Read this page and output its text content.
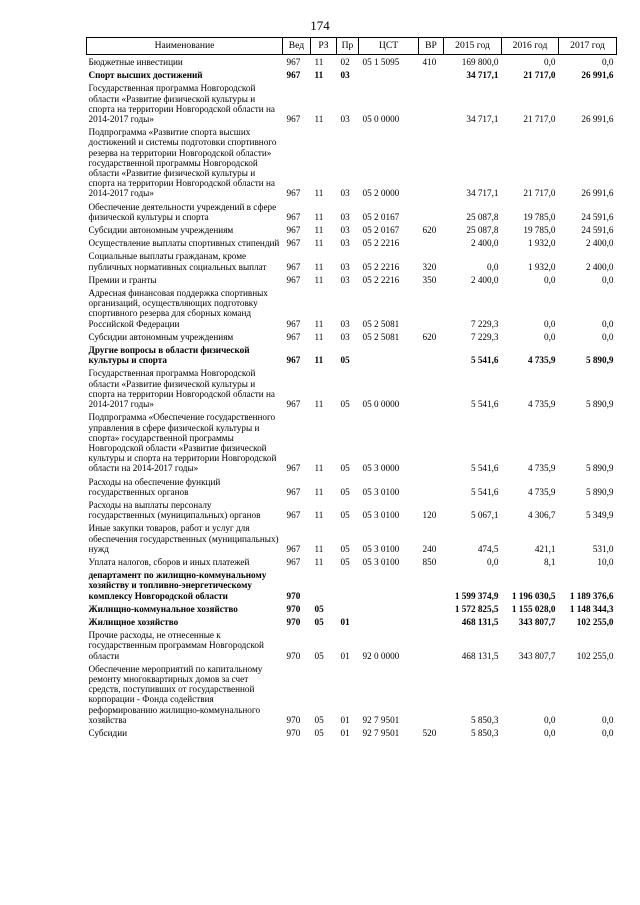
174
Наименование	Вед	РЗ	Пр	ЦСТ	ВР	2015 год	2016 год	2017 год
Бюджетные инвестиции	967	11	02	05 1 5095	410	169 800,0	0,0	0,0
Спорт высших достижений	967	11	03			34 717,1	21 717,0	26 991,6
Государственная программа Новгородской области «Развитие физической культуры и спорта на территории Новгородской области на 2014-2017 годы»	967	11	03	05 0 0000		34 717,1	21 717,0	26 991,6
Подпрограмма «Развитие спорта высших достижений и системы подготовки спортивного резерва на территории Новгородской области» государственной программы Новгородской области «Развитие физической культуры и спорта на территории Новгородской области на 2014-2017 годы»	967	11	03	05 2 0000		34 717,1	21 717,0	26 991,6
Обеспечение деятельности учреждений в сфере физической культуры и спорта	967	11	03	05 2 0167		25 087,8	19 785,0	24 591,6
Субсидии автономным учреждениям	967	11	03	05 2 0167	620	25 087,8	19 785,0	24 591,6
Осуществление выплаты спортивных стипендий	967	11	03	05 2 2216		2 400,0	1 932,0	2 400,0
Социальные выплаты гражданам, кроме публичных нормативных социальных выплат	967	11	03	05 2 2216	320	0,0	1 932,0	2 400,0
Премии и гранты	967	11	03	05 2 2216	350	2 400,0	0,0	0,0
Адресная финансовая поддержка спортивных организаций, осуществляющих подготовку спортивного резерва для сборных команд Российской Федерации	967	11	03	05 2 5081		7 229,3	0,0	0,0
Субсидии автономным учреждениям	967	11	03	05 2 5081	620	7 229,3	0,0	0,0
Другие вопросы в области физической культуры и спорта	967	11	05			5 541,6	4 735,9	5 890,9
Государственная программа Новгородской области «Развитие физической культуры и спорта на территории Новгородской области на 2014-2017 годы»	967	11	05	05 0 0000		5 541,6	4 735,9	5 890,9
Подпрограмма «Обеспечение государственного управления в сфере физической культуры и спорта» государственной программы Новгородской области «Развитие физической культуры и спорта на территории Новгородской области на 2014-2017 годы»	967	11	05	05 3 0000		5 541,6	4 735,9	5 890,9
Расходы на обеспечение функций государственных органов	967	11	05	05 3 0100		5 541,6	4 735,9	5 890,9
Расходы на выплаты персоналу государственных (муниципальных) органов	967	11	05	05 3 0100	120	5 067,1	4 306,7	5 349,9
Иные закупки товаров, работ и услуг для обеспечения государственных (муниципальных) нужд	967	11	05	05 3 0100	240	474,5	421,1	531,0
Уплата налогов, сборов и иных платежей	967	11	05	05 3 0100	850	0,0	8,1	10,0
департамент по жилищно-коммунальному хозяйству и топливно-энергетическому комплексу Новгородской области	970					1 599 374,9	1 196 030,5	1 189 376,6
Жилищно-коммунальное хозяйство	970	05				1 572 825,5	1 155 028,0	1 148 344,3
Жилищное хозяйство	970	05	01			468 131,5	343 807,7	102 255,0
Прочие расходы, не отнесенные к государственным программам Новгородской области	970	05	01	92 0 0000		468 131,5	343 807,7	102 255,0
Обеспечение мероприятий по капитальному ремонту многоквартирных домов за счет средств, поступивших от государственной корпорации - Фонда содействия реформированию жилищно-коммунального хозяйства	970	05	01	92 7 9501		5 850,3	0,0	0,0
Субсидии	970	05	01	92 7 9501	520	5 850,3	0,0	0,0
